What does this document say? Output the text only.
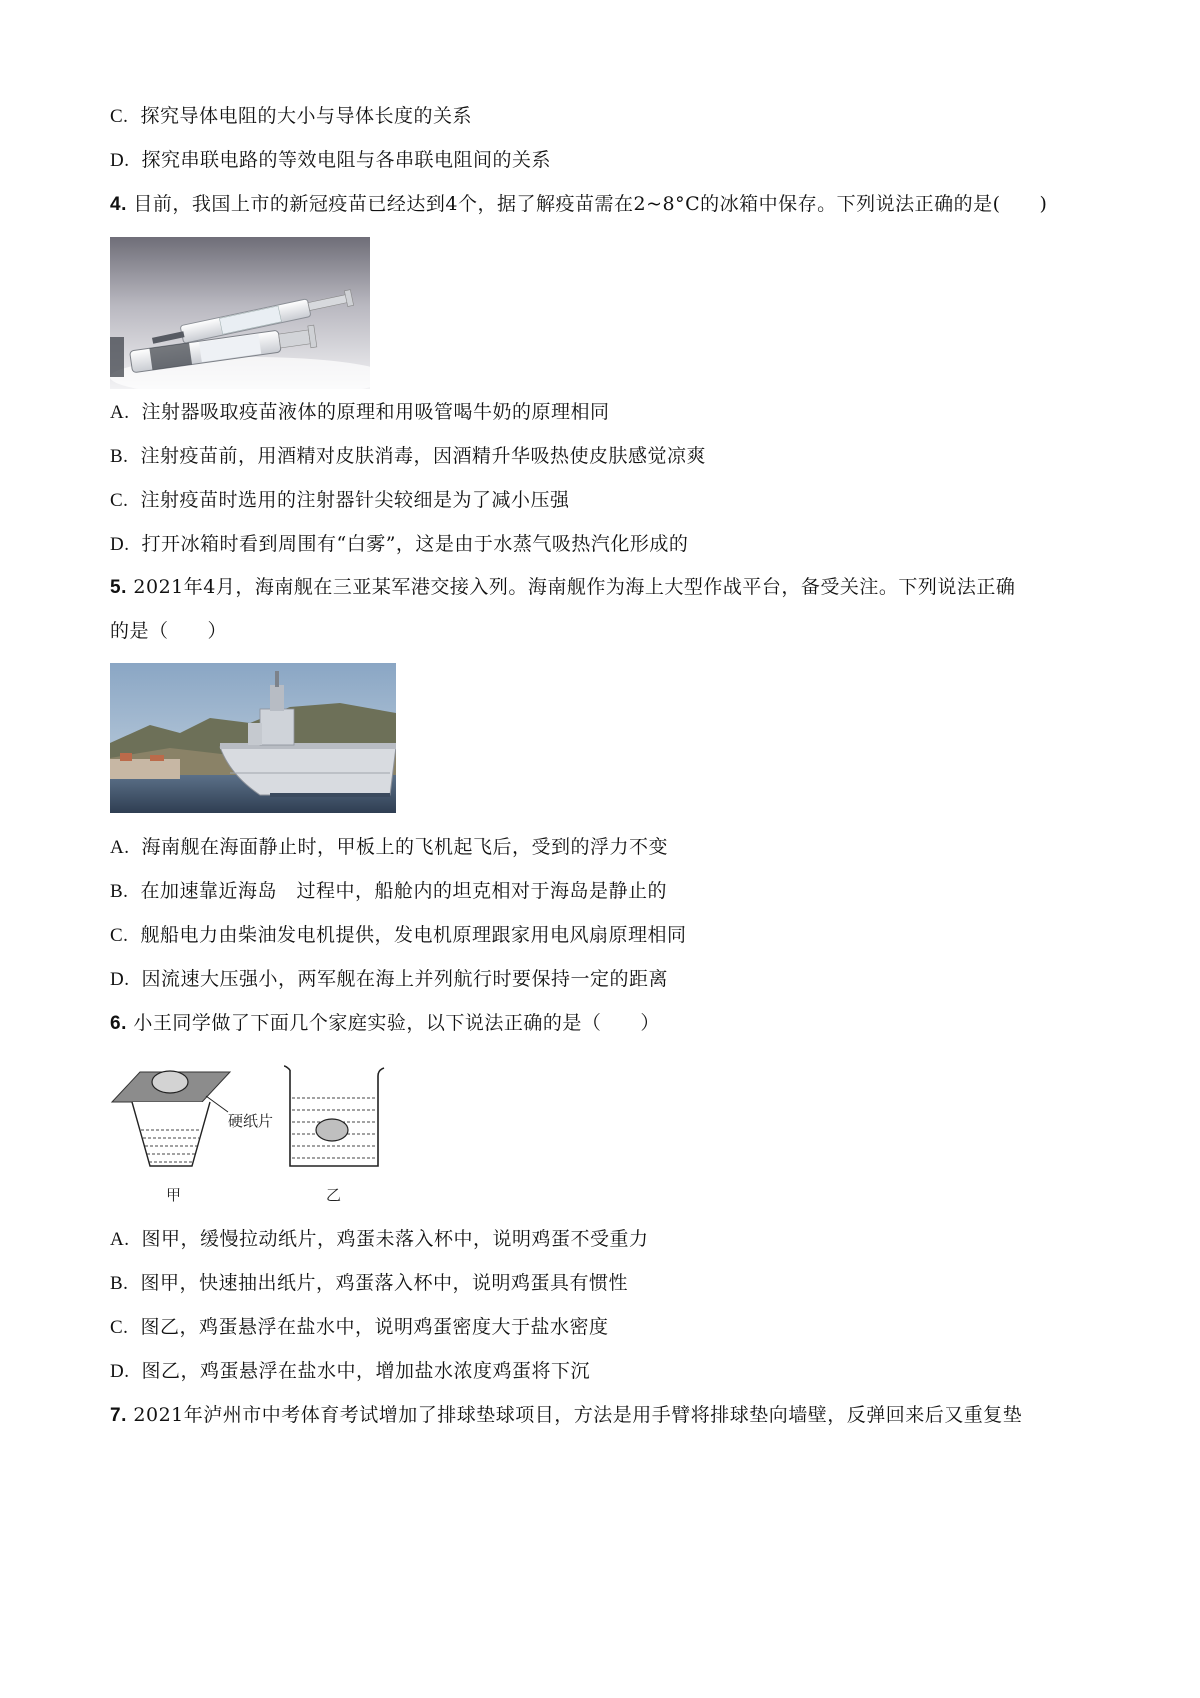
C. 探究导体电阻的大小与导体长度的关系
D. 探究串联电路的等效电阻与各串联电阻间的关系
4. 目前，我国上市的新冠疫苗已经达到4个，据了解疫苗需在2~8°C的冰箱中保存。下列说法正确的是(　　)
A. 注射器吸取疫苗液体的原理和用吸管喝牛奶的原理相同
B. 注射疫苗前，用酒精对皮肤消毒，因酒精升华吸热使皮肤感觉凉爽
C. 注射疫苗时选用的注射器针尖较细是为了减小压强
D. 打开冰箱时看到周围有“白雾”，这是由于水蒸气吸热汽化形成的
5. 2021年4月，海南舰在三亚某军港交接入列。海南舰作为海上大型作战平台，备受关注。下列说法正确
的是（　　）
A. 海南舰在海面静止时，甲板上的飞机起飞后，受到的浮力不变
B. 在加速靠近海岛　过程中，船舱内的坦克相对于海岛是静止的
C. 舰船电力由柴油发电机提供，发电机原理跟家用电风扇原理相同
D. 因流速大压强小，两军舰在海上并列航行时要保持一定的距离
6. 小王同学做了下面几个家庭实验，以下说法正确的是（　　）
硬纸片
甲	乙
A. 图甲，缓慢拉动纸片，鸡蛋未落入杯中，说明鸡蛋不受重力
B. 图甲，快速抽出纸片，鸡蛋落入杯中，说明鸡蛋具有惯性
C. 图乙，鸡蛋悬浮在盐水中，说明鸡蛋密度大于盐水密度
D. 图乙，鸡蛋悬浮在盐水中，增加盐水浓度鸡蛋将下沉
7. 2021年泸州市中考体育考试增加了排球垫球项目，方法是用手臂将排球垫向墙壁，反弹回来后又重复垫
